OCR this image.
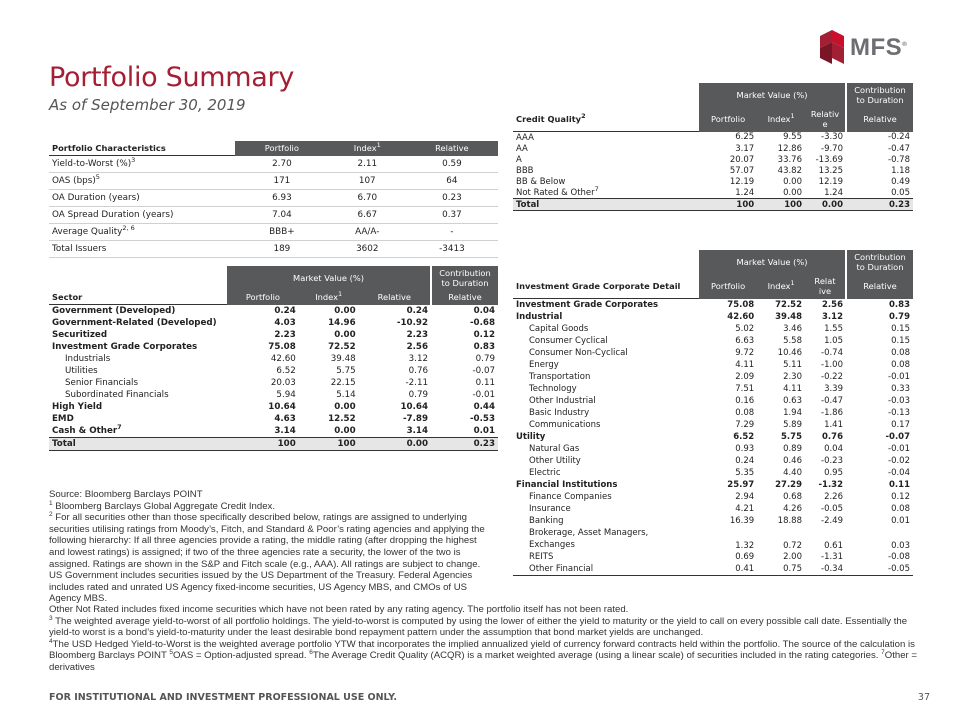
Portfolio Summary
As of September 30, 2019
MFS®
Portfolio Characteristics	Portfolio	Index$^1$	Relative
Yield-to-Worst (%)$^3$	2.70	2.11	0.59
OAS (bps)$^5$	171	107	64
OA Duration (years)	6.93	6.70	0.23
OA Spread Duration (years)	7.04	6.67	0.37
Average Quality$^{2, 6}$	BBB+	AA/A-	-
Total Issuers	189	3602	-3413
	Market Value (%)			Contribution to Duration
Sector	Portfolio	Index$^1$	Relative	Relative
Government (Developed)	0.24	0.00	0.24	0.04
Government-Related (Developed)	4.03	14.96	-10.92	-0.68
Securitized	2.23	0.00	2.23	0.12
Investment Grade Corporates	75.08	72.52	2.56	0.83
Industrials	42.60	39.48	3.12	0.79
Utilities	6.52	5.75	0.76	-0.07
Senior Financials	20.03	22.15	-2.11	0.11
Subordinated Financials	5.94	5.14	0.79	-0.01
High Yield	10.64	0.00	10.64	0.44
EMD	4.63	12.52	-7.89	-0.53
Cash & Other$^7$	3.14	0.00	3.14	0.01
Total	100	100	0.00	0.23
	Market Value (%)			Contribution to Duration
Credit Quality$^2$	Portfolio	Index$^1$	Relativ e	Relative
AAA	6.25	9.55	-3.30	-0.24
AA	3.17	12.86	-9.70	-0.47
A	20.07	33.76	-13.69	-0.78
BBB	57.07	43.82	13.25	1.18
BB & Below	12.19	0.00	12.19	0.49
Not Rated & Other$^7$	1.24	0.00	1.24	0.05
Total	100	100	0.00	0.23
	Market Value (%)			Contribution to Duration
Investment Grade Corporate Detail	Portfolio	Index$^1$	Relat ive	Relative
Investment Grade Corporates	75.08	72.52	2.56	0.83
Industrial	42.60	39.48	3.12	0.79
Capital Goods	5.02	3.46	1.55	0.15
Consumer Cyclical	6.63	5.58	1.05	0.15
Consumer Non-Cyclical	9.72	10.46	-0.74	0.08
Energy	4.11	5.11	-1.00	0.08
Transportation	2.09	2.30	-0.22	-0.01
Technology	7.51	4.11	3.39	0.33
Other Industrial	0.16	0.63	-0.47	-0.03
Basic Industry	0.08	1.94	-1.86	-0.13
Communications	7.29	5.89	1.41	0.17
Utility	6.52	5.75	0.76	-0.07
Natural Gas	0.93	0.89	0.04	-0.01
Other Utility	0.24	0.46	-0.23	-0.02
Electric	5.35	4.40	0.95	-0.04
Financial Institutions	25.97	27.29	-1.32	0.11
Finance Companies	2.94	0.68	2.26	0.12
Insurance	4.21	4.26	-0.05	0.08
Banking	16.39	18.88	-2.49	0.01
Brokerage, Asset Managers, Exchanges	1.32	0.72	0.61	0.03
REITS	0.69	2.00	-1.31	-0.08
Other Financial	0.41	0.75	-0.34	-0.05

Source: Bloomberg Barclays POINT

$^1$ Bloomberg Barclays Global Aggregate Credit Index.

$^2$ For all securities other than those specifically described below, ratings are assigned to underlying securities utilising ratings from Moody’s, Fitch, and Standard & Poor’s rating agencies and applying the following hierarchy: If all three agencies provide a rating, the middle rating (after dropping the highest and lowest ratings) is assigned; if two of the three agencies rate a security, the lower of the two is assigned. Ratings are shown in the S&P and Fitch scale (e.g., AAA). All ratings are subject to change. US Government includes securities issued by the US Department of the Treasury. Federal Agencies includes rated and unrated US Agency fixed-income securities, US Agency MBS, and CMOs of US Agency MBS.

Other Not Rated includes fixed income securities which have not been rated by any rating agency. The portfolio itself has not been rated.

$^3$ The weighted average yield-to-worst of all portfolio holdings. The yield-to-worst is computed by using the lower of either the yield to maturity or the yield to call on every possible call date. Essentially the yield-to worst is a bond’s yield-to-maturity under the least desirable bond repayment pattern under the assumption that bond market yields are unchanged.

$^4$The USD Hedged Yield-to-Worst is the weighted average portfolio YTW that incorporates the implied annualized yield of currency forward contracts held within the portfolio. The source of the calculation is Bloomberg Barclays POINT $^5$OAS = Option-adjusted spread. $^6$The Average Credit Quality (ACQR) is a market weighted average (using a linear scale) of securities included in the rating categories. $^7$Other = derivatives

FOR INSTITUTIONAL AND INVESTMENT PROFESSIONAL USE ONLY.	37
